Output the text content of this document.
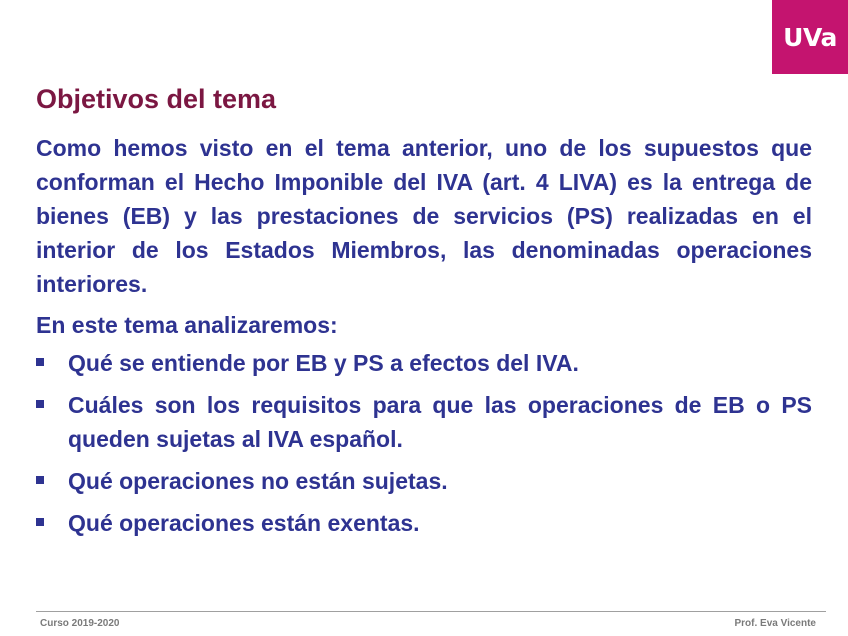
UVa
Objetivos del tema

Como hemos visto en el tema anterior, uno de los supuestos que conforman el Hecho Imponible del IVA (art. 4 LIVA) es la entrega de bienes (EB) y las prestaciones de servicios (PS) realizadas en el interior de los Estados Miembros, las denominadas operaciones interiores.

En este tema analizaremos:

Qué se entiende por EB y PS a efectos del IVA.
Cuáles son los requisitos para que las operaciones de EB o PS queden sujetas al IVA español.
Qué operaciones no están sujetas.
Qué operaciones están exentas.
Curso 2019-2020	Prof. Eva Vicente
